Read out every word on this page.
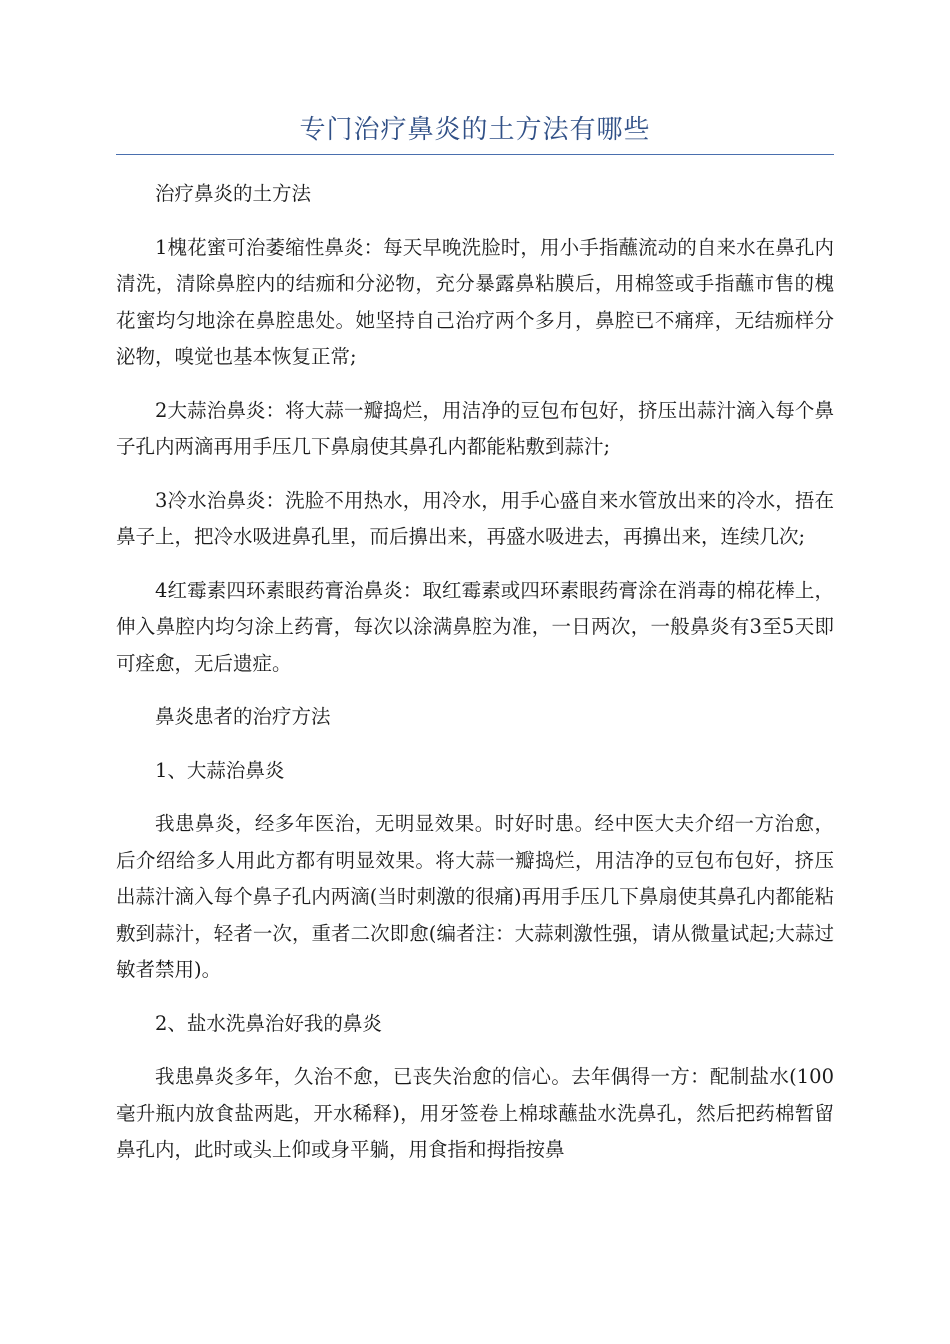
专门治疗鼻炎的土方法有哪些

治疗鼻炎的土方法

1槐花蜜可治萎缩性鼻炎：每天早晚洗脸时，用小手指蘸流动的自来水在鼻孔内清洗，清除鼻腔内的结痂和分泌物，充分暴露鼻粘膜后，用棉签或手指蘸市售的槐花蜜均匀地涂在鼻腔患处。她坚持自己治疗两个多月，鼻腔已不痛痒，无结痂样分泌物，嗅觉也基本恢复正常;

2大蒜治鼻炎：将大蒜一瓣捣烂，用洁净的豆包布包好，挤压出蒜汁滴入每个鼻子孔内两滴再用手压几下鼻扇使其鼻孔内都能粘敷到蒜汁;

3冷水治鼻炎：洗脸不用热水，用冷水，用手心盛自来水管放出来的冷水，捂在鼻子上，把冷水吸进鼻孔里，而后擤出来，再盛水吸进去，再擤出来，连续几次;

4红霉素四环素眼药膏治鼻炎：取红霉素或四环素眼药膏涂在消毒的棉花棒上，伸入鼻腔内均匀涂上药膏，每次以涂满鼻腔为准，一日两次，一般鼻炎有3至5天即可痊愈，无后遗症。

鼻炎患者的治疗方法

1、大蒜治鼻炎

我患鼻炎，经多年医治，无明显效果。时好时患。经中医大夫介绍一方治愈，后介绍给多人用此方都有明显效果。将大蒜一瓣捣烂，用洁净的豆包布包好，挤压出蒜汁滴入每个鼻子孔内两滴(当时刺激的很痛)再用手压几下鼻扇使其鼻孔内都能粘敷到蒜汁，轻者一次，重者二次即愈(编者注：大蒜刺激性强，请从微量试起;大蒜过敏者禁用)。

2、盐水洗鼻治好我的鼻炎

我患鼻炎多年，久治不愈，已丧失治愈的信心。去年偶得一方：配制盐水(100毫升瓶内放食盐两匙，开水稀释)，用牙签卷上棉球蘸盐水洗鼻孔，然后把药棉暂留鼻孔内，此时或头上仰或身平躺，用食指和拇指按鼻
